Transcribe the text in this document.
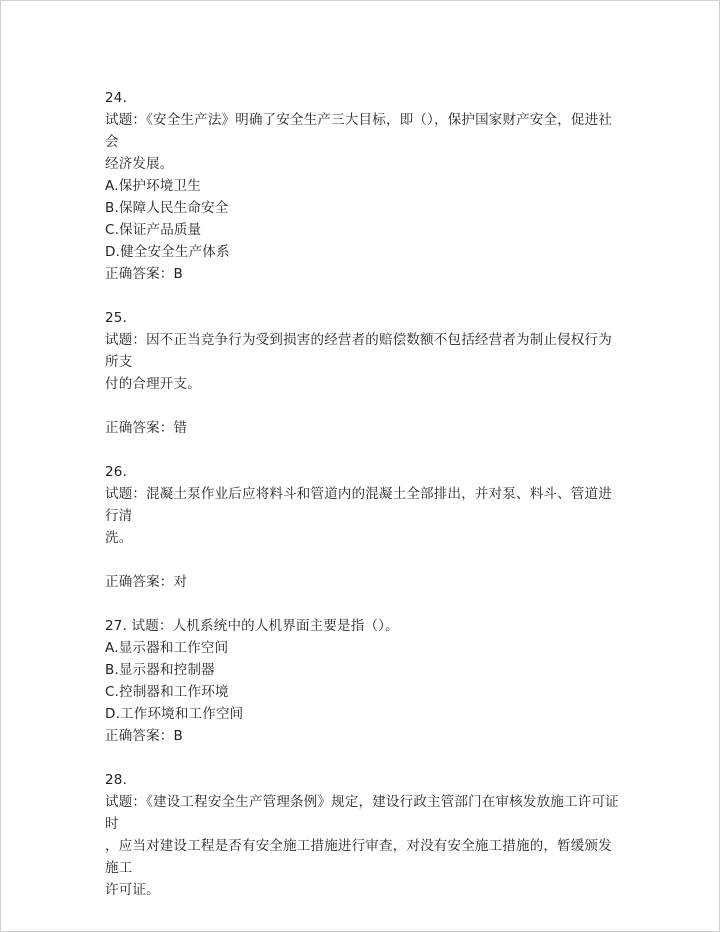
24.
试题：《安全生产法》明确了安全生产三大目标，即（），保护国家财产安全，促进社会
经济发展。
A.保护环境卫生
B.保障人民生命安全
C.保证产品质量
D.健全安全生产体系
正确答案：B
25.
试题：因不正当竞争行为受到损害的经营者的赔偿数额不包括经营者为制止侵权行为所支
付的合理开支。
正确答案：错
26.
试题：混凝土泵作业后应将料斗和管道内的混凝土全部排出，并对泵、料斗、管道进行清
洗。
正确答案：对
27. 试题：人机系统中的人机界面主要是指（）。
A.显示器和工作空间
B.显示器和控制器
C.控制器和工作环境
D.工作环境和工作空间
正确答案：B
28.
试题：《建设工程安全生产管理条例》规定，建设行政主管部门在审核发放施工许可证时
，应当对建设工程是否有安全施工措施进行审查，对没有安全施工措施的，暂缓颁发施工
许可证。
